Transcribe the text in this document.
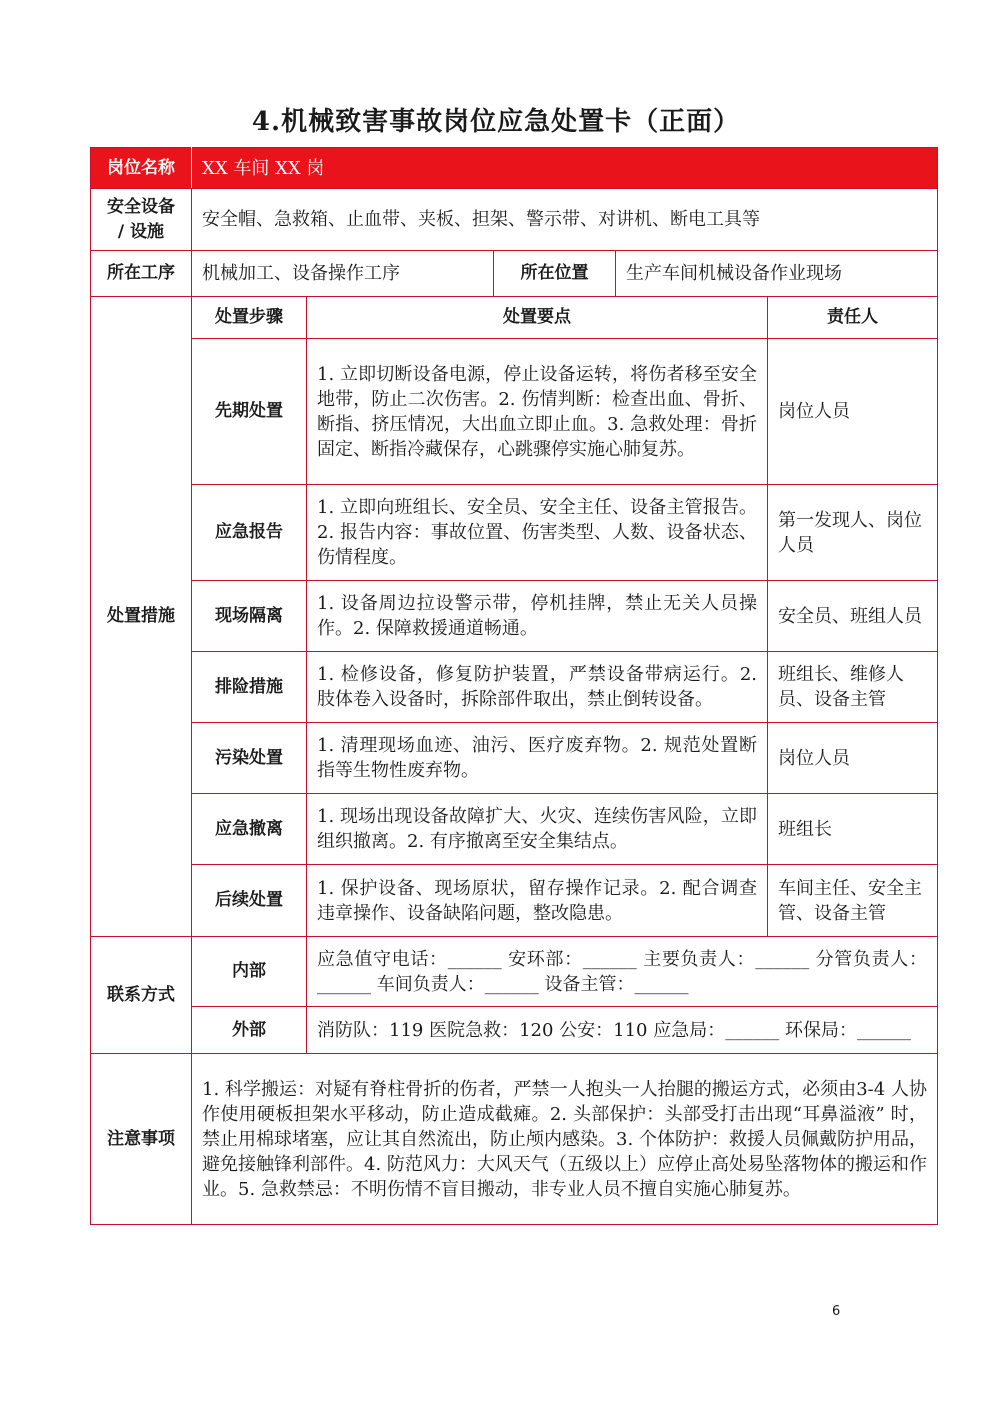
4.机械致害事故岗位应急处置卡（正面）
岗位名称	XX 车间 XX 岗				
安全设备 / 设施	安全帽、急救箱、止血带、夹板、担架、警示带、对讲机、断电工具等				
所在工序	机械加工、设备操作工序		所在位置	生产车间机械设备作业现场	
处置措施	处置步骤	处置要点			责任人
	先期处置	1. 立即切断设备电源，停止设备运转，将伤者移至安全地带，防止二次伤害。2. 伤情判断：检查出血、骨折、断指、挤压情况，大出血立即止血。3. 急救处理：骨折固定、断指冷藏保存，心跳骤停实施心肺复苏。			岗位人员
	应急报告	1. 立即向班组长、安全员、安全主任、设备主管报告。2. 报告内容：事故位置、伤害类型、人数、设备状态、伤情程度。			第一发现人、岗位人员
	现场隔离	1. 设备周边拉设警示带，停机挂牌，禁止无关人员操作。2. 保障救援通道畅通。			安全员、班组人员
	排险措施	1. 检修设备，修复防护装置，严禁设备带病运行。2. 肢体卷入设备时，拆除部件取出，禁止倒转设备。			班组长、维修人员、设备主管
	污染处置	1. 清理现场血迹、油污、医疗废弃物。2. 规范处置断指等生物性废弃物。			岗位人员
	应急撤离	1. 现场出现设备故障扩大、火灾、连续伤害风险，立即组织撤离。2. 有序撤离至安全集结点。			班组长
	后续处置	1. 保护设备、现场原状，留存操作记录。2. 配合调查违章操作、设备缺陷问题，整改隐患。			车间主任、安全主管、设备主管
联系方式	内部	应急值守电话：______ 安环部：______ 主要负责人：______ 分管负责人：______ 车间负责人：______ 设备主管：______			
	外部	消防队：119 医院急救：120 公安：110 应急局：______ 环保局：______			
注意事项	1. 科学搬运：对疑有脊柱骨折的伤者，严禁一人抱头一人抬腿的搬运方式，必须由3-4 人协作使用硬板担架水平移动，防止造成截瘫。2. 头部保护：头部受打击出现“耳鼻溢液” 时，禁止用棉球堵塞，应让其自然流出，防止颅内感染。3. 个体防护：救援人员佩戴防护用品，避免接触锋利部件。4. 防范风力：大风天气（五级以上）应停止高处易坠落物体的搬运和作业。5. 急救禁忌：不明伤情不盲目搬动，非专业人员不擅自实施心肺复苏。				
6
